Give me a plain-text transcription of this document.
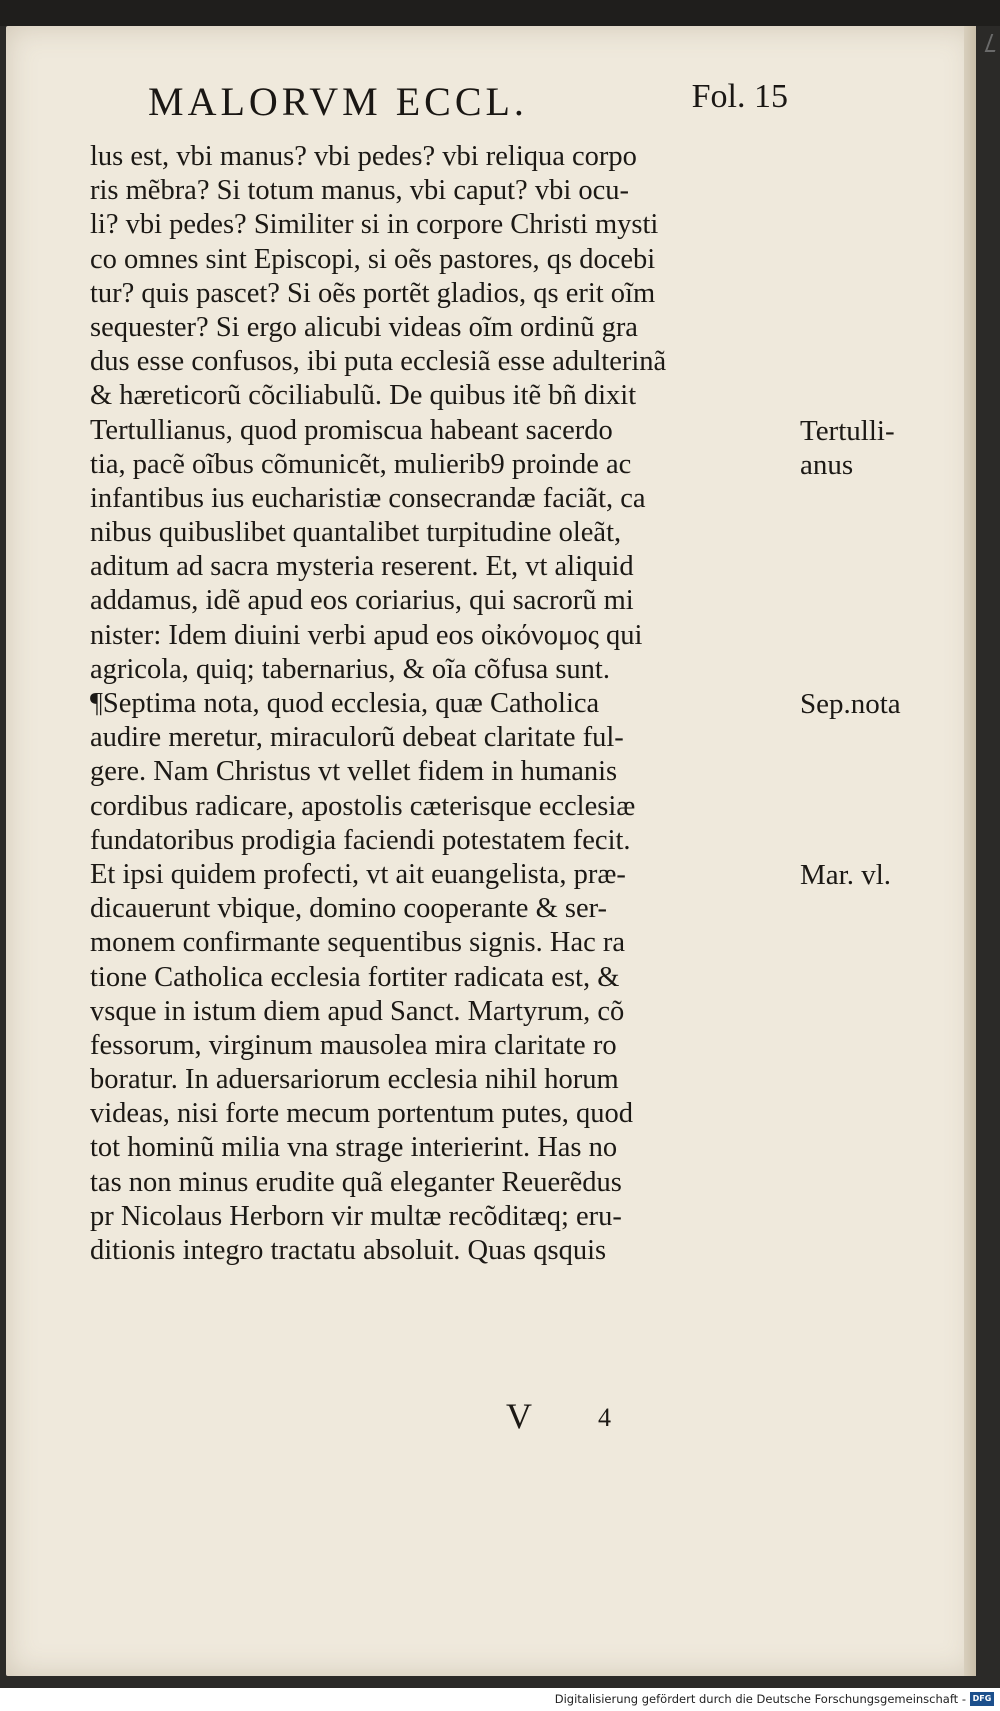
MALORVM ECCL.	Fol. 15
lus est, vbi manus? vbi pedes? vbi reliqua corpo
ris mẽbra? Si totum manus, vbi caput? vbi ocu-
li? vbi pedes? Similiter si in corpore Christi mysti
co omnes sint Episcopi, si oẽs pastores, qs docebi
tur? quis pascet? Si oẽs portẽt gladios, qs erit oĩm
sequester? Si ergo alicubi videas oĩm ordinũ gra
dus esse confusos, ibi puta ecclesiã esse adulterinã
& hæreticorũ cõciliabulũ. De quibus itẽ bñ dixit
Tertullianus, quod promiscua habeant sacerdo
tia, pacẽ oĩbus cõmunicẽt, mulierib9 proinde ac
infantibus ius eucharistiæ consecrandæ faciãt, ca
nibus quibuslibet quantalibet turpitudine oleãt,
aditum ad sacra mysteria reserent. Et, vt aliquid
addamus, idẽ apud eos coriarius, qui sacrorũ mi
nister: Idem diuini verbi apud eos οἰκόνομος qui
agricola, quiq; tabernarius, & oĩa cõfusa sunt.
¶Septima nota, quod ecclesia, quæ Catholica
audire meretur, miraculorũ debeat claritate ful-
gere. Nam Christus vt vellet fidem in humanis
cordibus radicare, apostolis cæterisque ecclesiæ
fundatoribus prodigia faciendi potestatem fecit.
Et ipsi quidem profecti, vt ait euangelista, præ-
dicauerunt vbique, domino cooperante & ser-
monem confirmante sequentibus signis. Hac ra
tione Catholica ecclesia fortiter radicata est, &
vsque in istum diem apud Sanct. Martyrum, cõ
fessorum, virginum mausolea mira claritate ro
boratur. In aduersariorum ecclesia nihil horum
videas, nisi forte mecum portentum putes, quod
tot hominũ milia vna strage interierint. Has no
tas non minus erudite quã eleganter Reuerẽdus
pr Nicolaus Herborn vir multæ recõditæq; eru-
ditionis integro tractatu absoluit. Quas qsquis
Tertulli-
anus
Sep.nota
Mar. vl.
V	4
Digitalisierung gefördert durch die Deutsche Forschungsgemeinschaft - DFG
